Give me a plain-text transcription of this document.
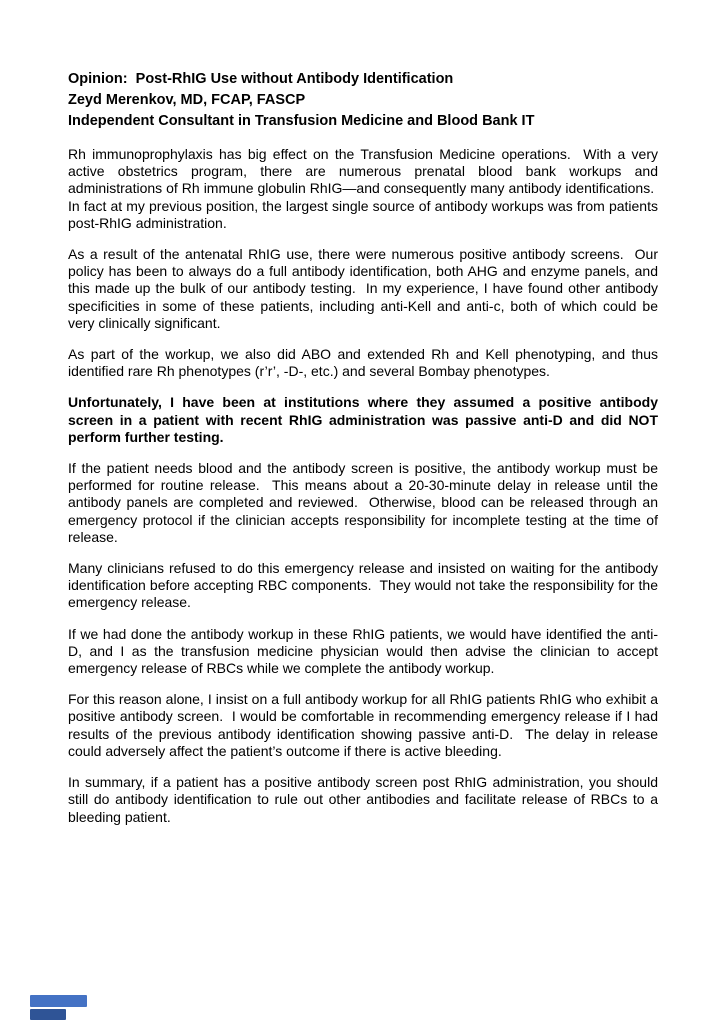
Opinion:  Post-RhIG Use without Antibody Identification

Zeyd Merenkov, MD, FCAP, FASCP

Independent Consultant in Transfusion Medicine and Blood Bank IT

Rh immunoprophylaxis has big effect on the Transfusion Medicine operations.  With a very active obstetrics program, there are numerous prenatal blood bank workups and administrations of Rh immune globulin RhIG—and consequently many antibody identifications.  In fact at my previous position, the largest single source of antibody workups was from patients post-RhIG administration.

As a result of the antenatal RhIG use, there were numerous positive antibody screens.  Our policy has been to always do a full antibody identification, both AHG and enzyme panels, and this made up the bulk of our antibody testing.  In my experience, I have found other antibody specificities in some of these patients, including anti-Kell and anti-c, both of which could be very clinically significant.

As part of the workup, we also did ABO and extended Rh and Kell phenotyping, and thus identified rare Rh phenotypes (r’r’, -D-, etc.) and several Bombay phenotypes.

Unfortunately, I have been at institutions where they assumed a positive antibody screen in a patient with recent RhIG administration was passive anti-D and did NOT perform further testing.

If the patient needs blood and the antibody screen is positive, the antibody workup must be performed for routine release.  This means about a 20-30-minute delay in release until the antibody panels are completed and reviewed.  Otherwise, blood can be released through an emergency protocol if the clinician accepts responsibility for incomplete testing at the time of release.

Many clinicians refused to do this emergency release and insisted on waiting for the antibody identification before accepting RBC components.  They would not take the responsibility for the emergency release.

If we had done the antibody workup in these RhIG patients, we would have identified the anti-D, and I as the transfusion medicine physician would then advise the clinician to accept emergency release of RBCs while we complete the antibody workup.

For this reason alone, I insist on a full antibody workup for all RhIG patients RhIG who exhibit a positive antibody screen.  I would be comfortable in recommending emergency release if I had results of the previous antibody identification showing passive anti-D.  The delay in release could adversely affect the patient’s outcome if there is active bleeding.

In summary, if a patient has a positive antibody screen post RhIG administration, you should still do antibody identification to rule out other antibodies and facilitate release of RBCs to a bleeding patient.
